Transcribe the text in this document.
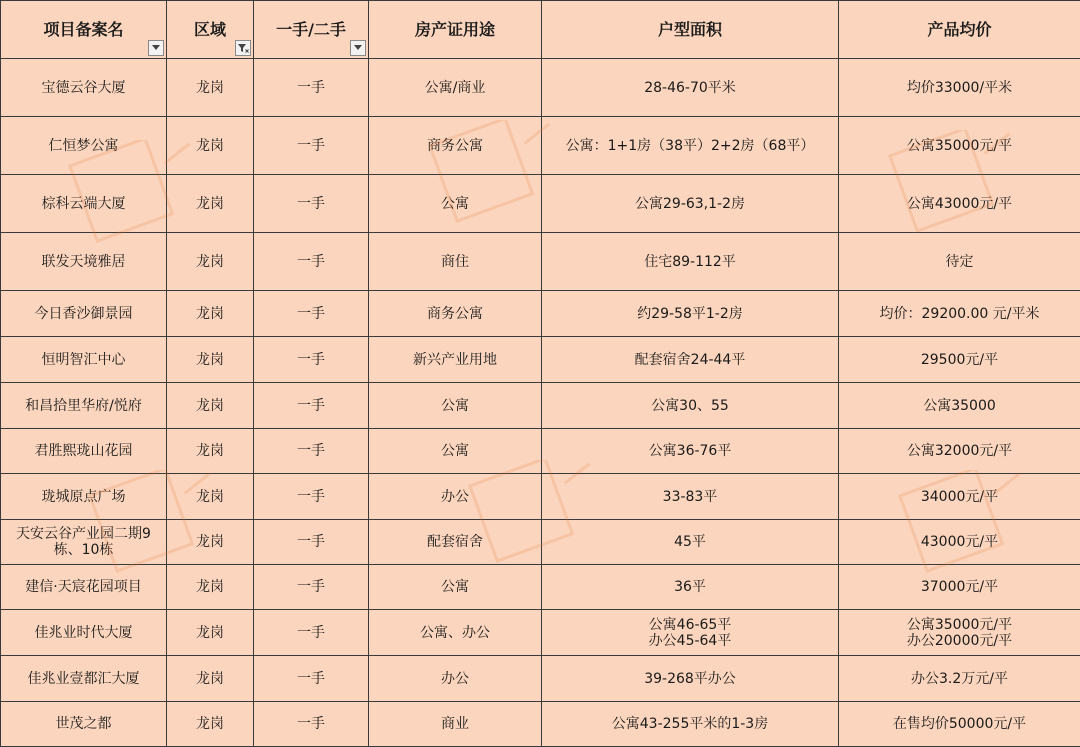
项目备案名	区域	一手/二手	房产证用途	户型面积	产品均价

宝德云谷大厦	龙岗	一手	公寓/商业	28-46-70平米	均价33000/平米

仁恒梦公寓	龙岗	一手	商务公寓	公寓：1+1房（38平）2+2房（68平）	公寓35000元/平

棕科云端大厦	龙岗	一手	公寓	公寓29-63,1-2房	公寓43000元/平

联发天境雅居	龙岗	一手	商住	住宅89-112平	待定

今日香沙御景园	龙岗	一手	商务公寓	约29-58平1-2房	均价：29200.00 元/平米

恒明智汇中心	龙岗	一手	新兴产业用地	配套宿舍24-44平	29500元/平

和昌拾里华府/悦府	龙岗	一手	公寓	公寓30、55	公寓35000

君胜熙珑山花园	龙岗	一手	公寓	公寓36-76平	公寓32000元/平

珑城原点广场	龙岗	一手	办公	33-83平	34000元/平

天安云谷产业园二期9
栋、10栋	龙岗	一手	配套宿舍	45平	43000元/平

建信·天宸花园项目	龙岗	一手	公寓	36平	37000元/平

佳兆业时代大厦	龙岗	一手	公寓、办公	公寓46-65平
办公45-64平	公寓35000元/平
办公20000元/平

佳兆业壹都汇大厦	龙岗	一手	办公	39-268平办公	办公3.2万元/平

世茂之都	龙岗	一手	商业	公寓43-255平米的1-3房	在售均价50000元/平
